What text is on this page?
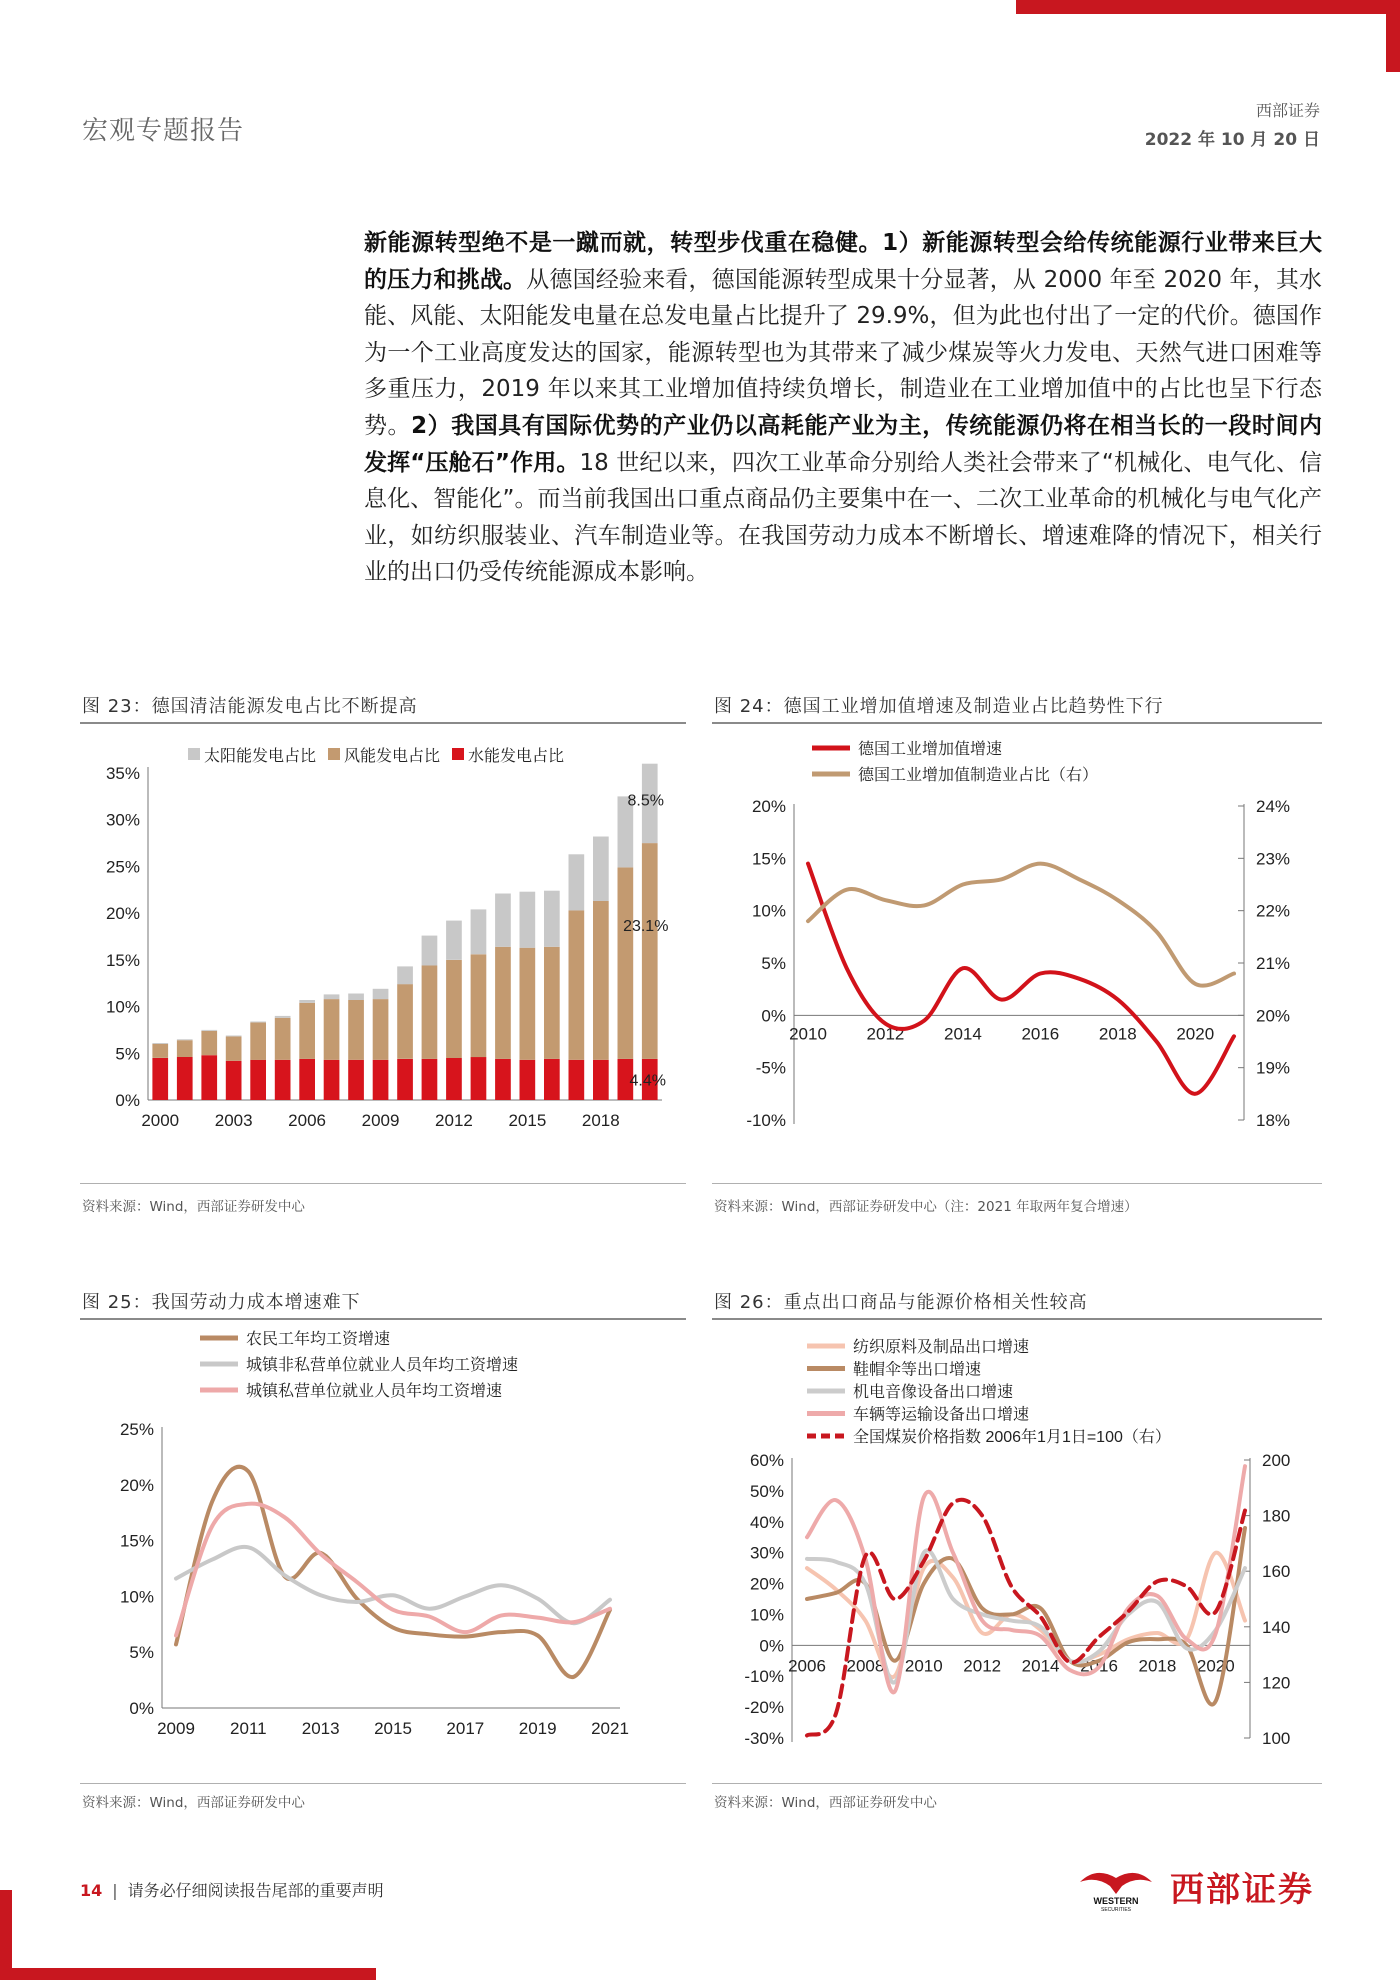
宏观专题报告
西部证券
2022 年 10 月 20 日
新能源转型绝不是一蹴而就，转型步伐重在稳健。1）新能源转型会给传统能源行业带来巨大的压力和挑战。从德国经验来看，德国能源转型成果十分显著，从 2000 年至 2020 年，其水能、风能、太阳能发电量在总发电量占比提升了 29.9%，但为此也付出了一定的代价。德国作为一个工业高度发达的国家，能源转型也为其带来了减少煤炭等火力发电、天然气进口困难等多重压力，2019 年以来其工业增加值持续负增长，制造业在工业增加值中的占比也呈下行态势。2）我国具有国际优势的产业仍以高耗能产业为主，传统能源仍将在相当长的一段时间内发挥“压舱石”作用。18 世纪以来，四次工业革命分别给人类社会带来了“机械化、电气化、信息化、智能化”。而当前我国出口重点商品仍主要集中在一、二次工业革命的机械化与电气化产业，如纺织服装业、汽车制造业等。在我国劳动力成本不断增长、增速难降的情况下，相关行业的出口仍受传统能源成本影响。
图 23：德国清洁能源发电占比不断提高
0%
5%
10%
15%
20%
25%
30%
35%
2000 2003 2006 2009 2012 2015 2018
太阳能发电占比 风能发电占比 水能发电占比
8.5%
23.1%
4.4%
资料来源：Wind，西部证券研发中心
图 24：德国工业增加值增速及制造业占比趋势性下行
-10%
-5%
0%
5%
10%
15%
20%
18%
19%
20%
21%
22%
23%
24%
2010 2012 2014 2016 2018 2020
德国工业增加值增速
德国工业增加值制造业占比（右）
资料来源：Wind，西部证券研发中心（注：2021 年取两年复合增速）
图 25：我国劳动力成本增速难下
0%
5%
10%
15%
20%
25%
2009 2011 2013 2015 2017 2019 2021
农民工年均工资增速
城镇非私营单位就业人员年均工资增速
城镇私营单位就业人员年均工资增速
资料来源：Wind，西部证券研发中心
图 26：重点出口商品与能源价格相关性较高
-30%
-20%
-10%
0%
10%
20%
30%
40%
50%
60%
100
120
140
160
180
200
2006 2008 2010 2012 2014 2016 2018 2020
纺织原料及制品出口增速
鞋帽伞等出口增速
机电音像设备出口增速
车辆等运输设备出口增速
全国煤炭价格指数 2006年1月1日=100（右）
资料来源：Wind，西部证券研发中心
14 | 请务必仔细阅读报告尾部的重要声明
WESTERN
SECURITIES 西部证券
